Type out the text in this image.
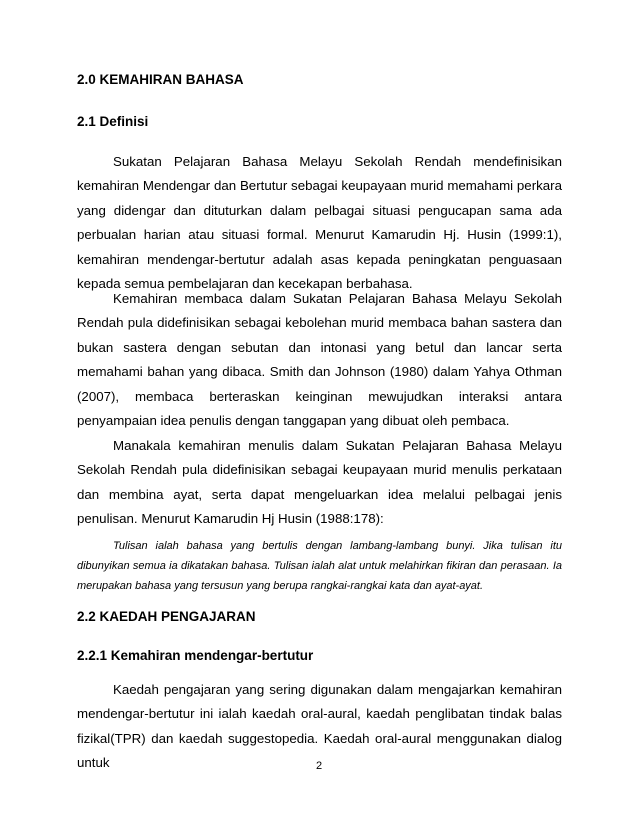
2.0 KEMAHIRAN BAHASA
2.1 Definisi

Sukatan Pelajaran Bahasa Melayu Sekolah Rendah mendefinisikan kemahiran Mendengar dan Bertutur sebagai keupayaan murid memahami perkara yang didengar dan dituturkan dalam pelbagai situasi pengucapan sama ada perbualan harian atau situasi formal. Menurut Kamarudin Hj. Husin (1999:1), kemahiran mendengar-bertutur adalah asas kepada peningkatan penguasaan kepada semua pembelajaran dan kecekapan berbahasa.

Kemahiran membaca dalam Sukatan Pelajaran Bahasa Melayu Sekolah Rendah pula didefinisikan sebagai kebolehan murid membaca bahan sastera dan bukan sastera dengan sebutan dan intonasi yang betul dan lancar serta memahami bahan yang dibaca. Smith dan Johnson (1980) dalam Yahya Othman (2007), membaca berteraskan keinginan mewujudkan interaksi antara penyampaian idea penulis dengan tanggapan yang dibuat oleh pembaca.

Manakala kemahiran menulis dalam Sukatan Pelajaran Bahasa Melayu Sekolah Rendah pula didefinisikan sebagai keupayaan murid menulis perkataan dan membina ayat, serta dapat mengeluarkan idea melalui pelbagai jenis penulisan. Menurut Kamarudin Hj Husin (1988:178):

Tulisan ialah bahasa yang bertulis dengan lambang-lambang bunyi. Jika tulisan itu dibunyikan semua ia dikatakan bahasa. Tulisan ialah alat untuk melahirkan fikiran dan perasaan. Ia merupakan bahasa yang tersusun yang berupa rangkai-rangkai kata dan ayat-ayat.

2.2 KAEDAH PENGAJARAN
2.2.1 Kemahiran mendengar-bertutur

Kaedah pengajaran yang sering digunakan dalam mengajarkan kemahiran mendengar-bertutur ini ialah kaedah oral-aural, kaedah penglibatan tindak balas fizikal(TPR) dan kaedah suggestopedia. Kaedah oral-aural menggunakan dialog untuk	2
